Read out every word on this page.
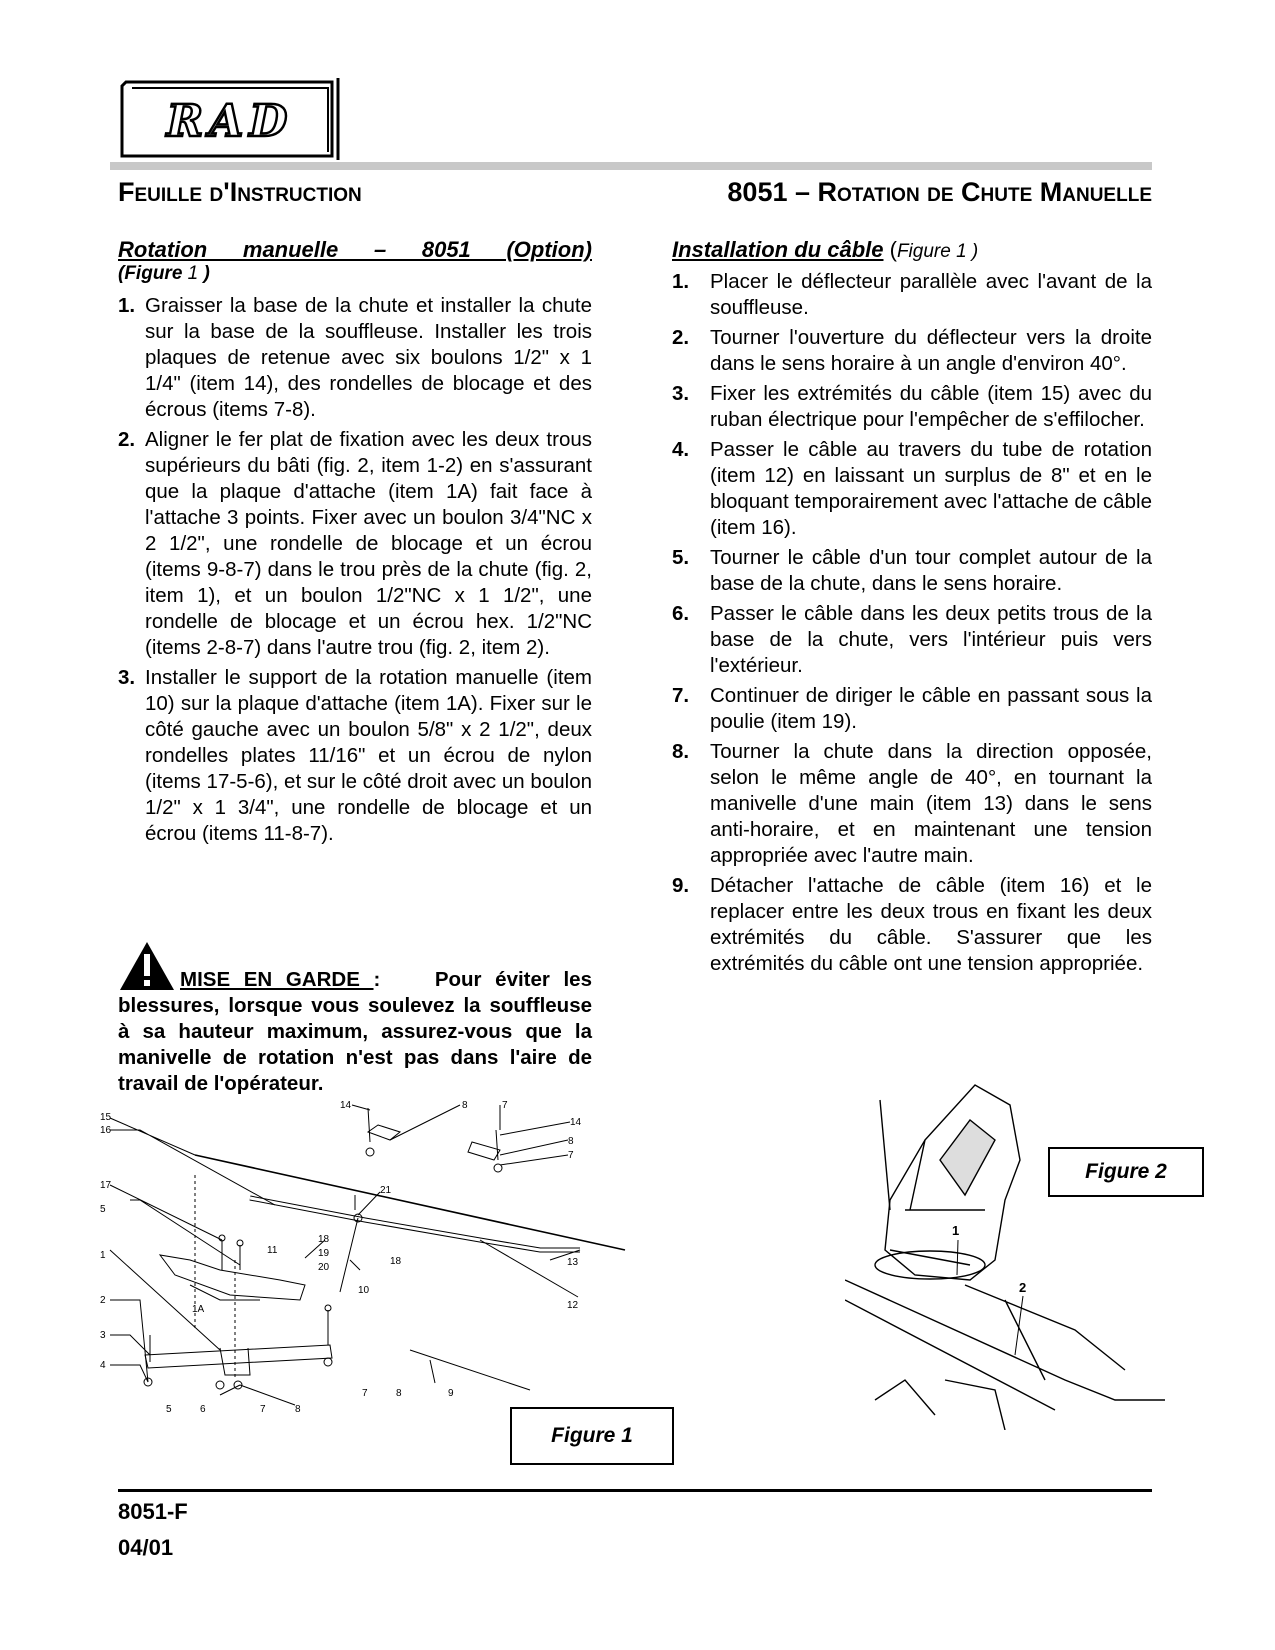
RAD
Feuille d'Instruction	8051 – Rotation de Chute Manuelle
Rotation manuelle – 8051 (Option)
(Figure 1 )
1. Graisser la base de la chute et installer la chute sur la base de la souffleuse. Installer les trois plaques de retenue avec six boulons 1/2" x 1 1/4" (item 14), des rondelles de blocage et des écrous (items 7-8).
2. Aligner le fer plat de fixation avec les deux trous supérieurs du bâti (fig. 2, item 1-2) en s'assurant que la plaque d'attache (item 1A) fait face à l'attache 3 points. Fixer avec un boulon 3/4"NC x 2 1/2", une rondelle de blocage et un écrou (items 9-8-7) dans le trou près de la chute (fig. 2, item 1), et un boulon 1/2"NC x 1 1/2", une rondelle de blocage et un écrou hex. 1/2"NC (items 2-8-7) dans l'autre trou (fig. 2, item 2).
3. Installer le support de la rotation manuelle (item 10) sur la plaque d'attache (item 1A). Fixer sur le côté gauche avec un boulon 5/8" x 2 1/2", deux rondelles plates 11/16" et un écrou de nylon (items 17-5-6), et sur le côté droit avec un boulon 1/2" x 1 3/4", une rondelle de blocage et un écrou (items 11-8-7).
MISE EN GARDE :	Pour éviter les blessures, lorsque vous soulevez la souffleuse à sa hauteur maximum, assurez-vous que la manivelle de rotation n'est pas dans l'aire de travail de l'opérateur.
Installation du câble (Figure 1 )
1. Placer le déflecteur parallèle avec l'avant de la souffleuse.
2. Tourner l'ouverture du déflecteur vers la droite dans le sens horaire à un angle d'environ 40°.
3. Fixer les extrémités du câble (item 15) avec du ruban électrique pour l'empêcher de s'effilocher.
4. Passer le câble au travers du tube de rotation (item 12) en laissant un surplus de 8" et en le bloquant temporairement avec l'attache de câble (item 16).
5. Tourner le câble d'un tour complet autour de la base de la chute, dans le sens horaire.
6. Passer le câble dans les deux petits trous de la base de la chute, vers l'intérieur puis vers l'extérieur.
7. Continuer de diriger le câble en passant sous la poulie (item 19).
8. Tourner la chute dans la direction opposée, selon le même angle de 40°, en tournant la manivelle d'une main (item 13) dans le sens anti-horaire, et en maintenant une tension appropriée avec l'autre main.
9. Détacher l'attache de câble (item 16) et le replacer entre les deux trous en fixant les deux extrémités du câble. S'assurer que les extrémités du câble ont une tension appropriée.
14	8	7
14
8
7
15
16
17
5
1
2
3
4
21
11
18
19
20
10
1A
18	13
12
5	6	7	8
7	8	9
Figure 1
1
2
Figure 2
8051-F
04/01
